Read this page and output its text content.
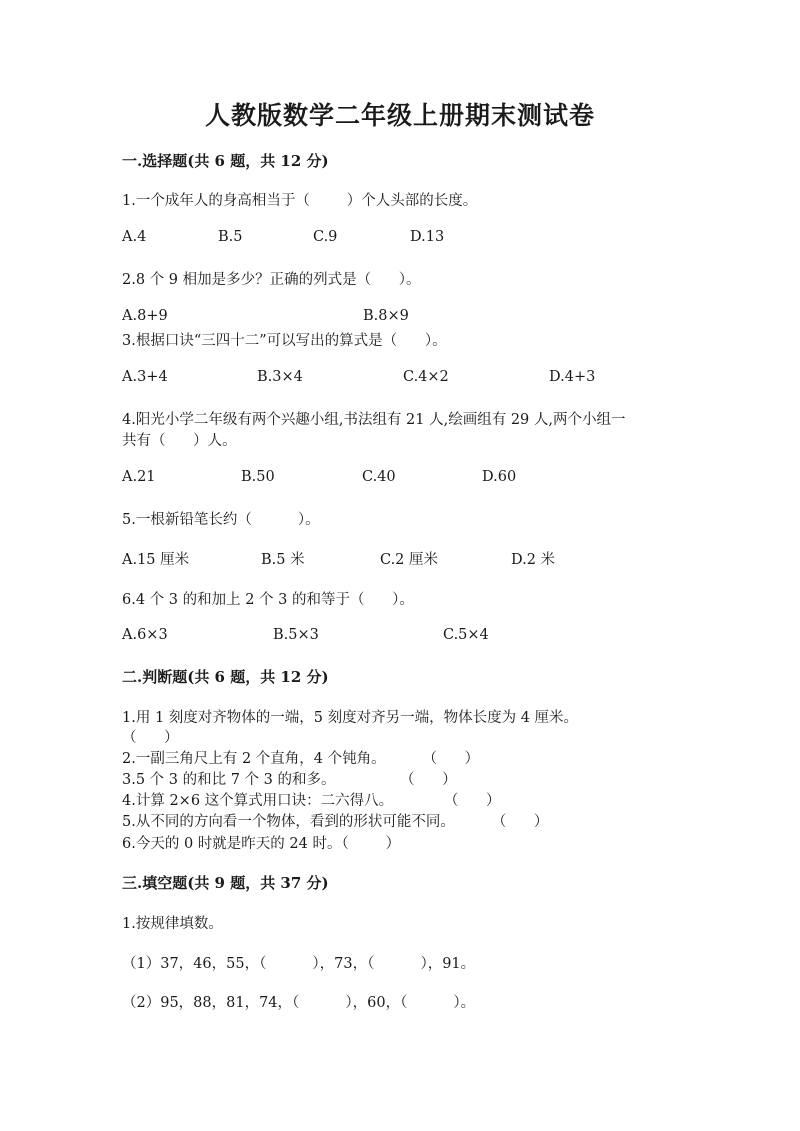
人教版数学二年级上册期末测试卷
一.选择题(共 6 题，共 12 分)
1.一个成年人的身高相当于（        ）个人头部的长度。
A.4	B.5	C.9	D.13
2.8 个 9 相加是多少？正确的列式是（      ）。
A.8+9	B.8×9
3.根据口诀“三四十二”可以写出的算式是（      ）。
A.3+4	B.3×4	C.4×2	D.4+3
4.阳光小学二年级有两个兴趣小组,书法组有 21 人,绘画组有 29 人,两个小组一
共有（      ）人。
A.21	B.50	C.40	D.60
5.一根新铅笔长约（          ）。
A.15 厘米	B.5 米	C.2 厘米	D.2 米
6.4 个 3 的和加上 2 个 3 的和等于（      ）。
A.6×3	B.5×3	C.5×4
二.判断题(共 6 题，共 12 分)
1.用 1 刻度对齐物体的一端，5 刻度对齐另一端，物体长度为 4 厘米。
（      ）
2.一副三角尺上有 2 个直角，4 个钝角。        （      ）
3.5 个 3 的和比 7 个 3 的和多。              （      ）
4.计算 2×6 这个算式用口诀：二六得八。           （      ）
5.从不同的方向看一个物体，看到的形状可能不同。        （      ）
6.今天的 0 时就是昨天的 24 时。（        ）
三.填空题(共 9 题，共 37 分)
1.按规律填数。
（1）37，46，55，（          ），73，（          ），91。
（2）95，88，81，74，（          ），60，（          ）。
